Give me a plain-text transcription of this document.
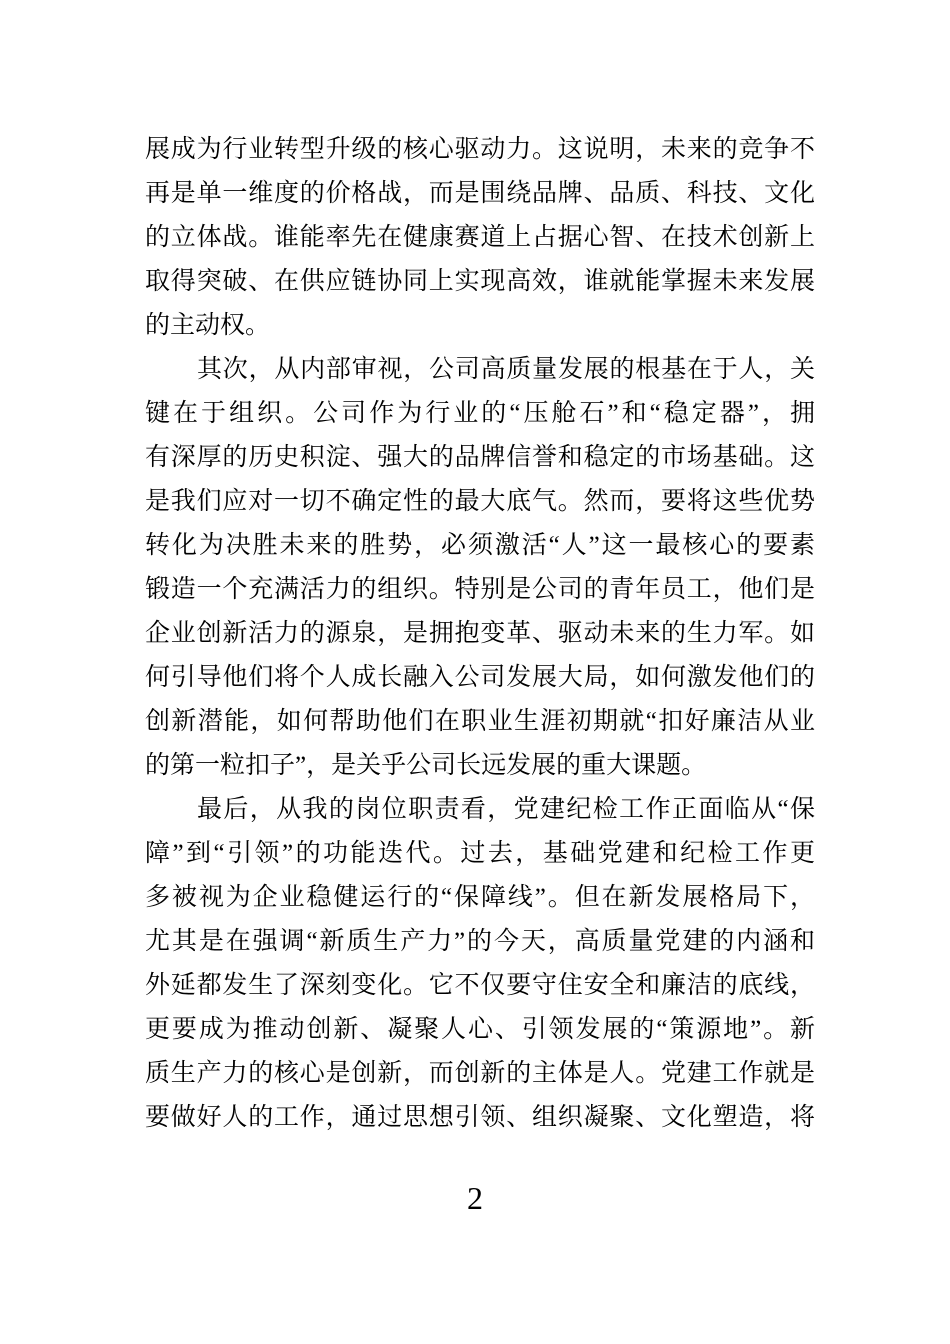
展成为行业转型升级的核心驱动力。这说明，未来的竞争不
再是单一维度的价格战，而是围绕品牌、品质、科技、文化
的立体战。谁能率先在健康赛道上占据心智、在技术创新上
取得突破、在供应链协同上实现高效，谁就能掌握未来发展
的主动权。
其次，从内部审视，公司高质量发展的根基在于人，关
键在于组织。公司作为行业的“压舱石”和“稳定器”，拥
有深厚的历史积淀、强大的品牌信誉和稳定的市场基础。这
是我们应对一切不确定性的最大底气。然而，要将这些优势
转化为决胜未来的胜势，必须激活“人”这一最核心的要素
锻造一个充满活力的组织。特别是公司的青年员工，他们是
企业创新活力的源泉，是拥抱变革、驱动未来的生力军。如
何引导他们将个人成长融入公司发展大局，如何激发他们的
创新潜能，如何帮助他们在职业生涯初期就“扣好廉洁从业
的第一粒扣子”，是关乎公司长远发展的重大课题。
最后，从我的岗位职责看，党建纪检工作正面临从“保
障”到“引领”的功能迭代。过去，基础党建和纪检工作更
多被视为企业稳健运行的“保障线”。但在新发展格局下，
尤其是在强调“新质生产力”的今天，高质量党建的内涵和
外延都发生了深刻变化。它不仅要守住安全和廉洁的底线，
更要成为推动创新、凝聚人心、引领发展的“策源地”。新
质生产力的核心是创新，而创新的主体是人。党建工作就是
要做好人的工作，通过思想引领、组织凝聚、文化塑造，将
2
